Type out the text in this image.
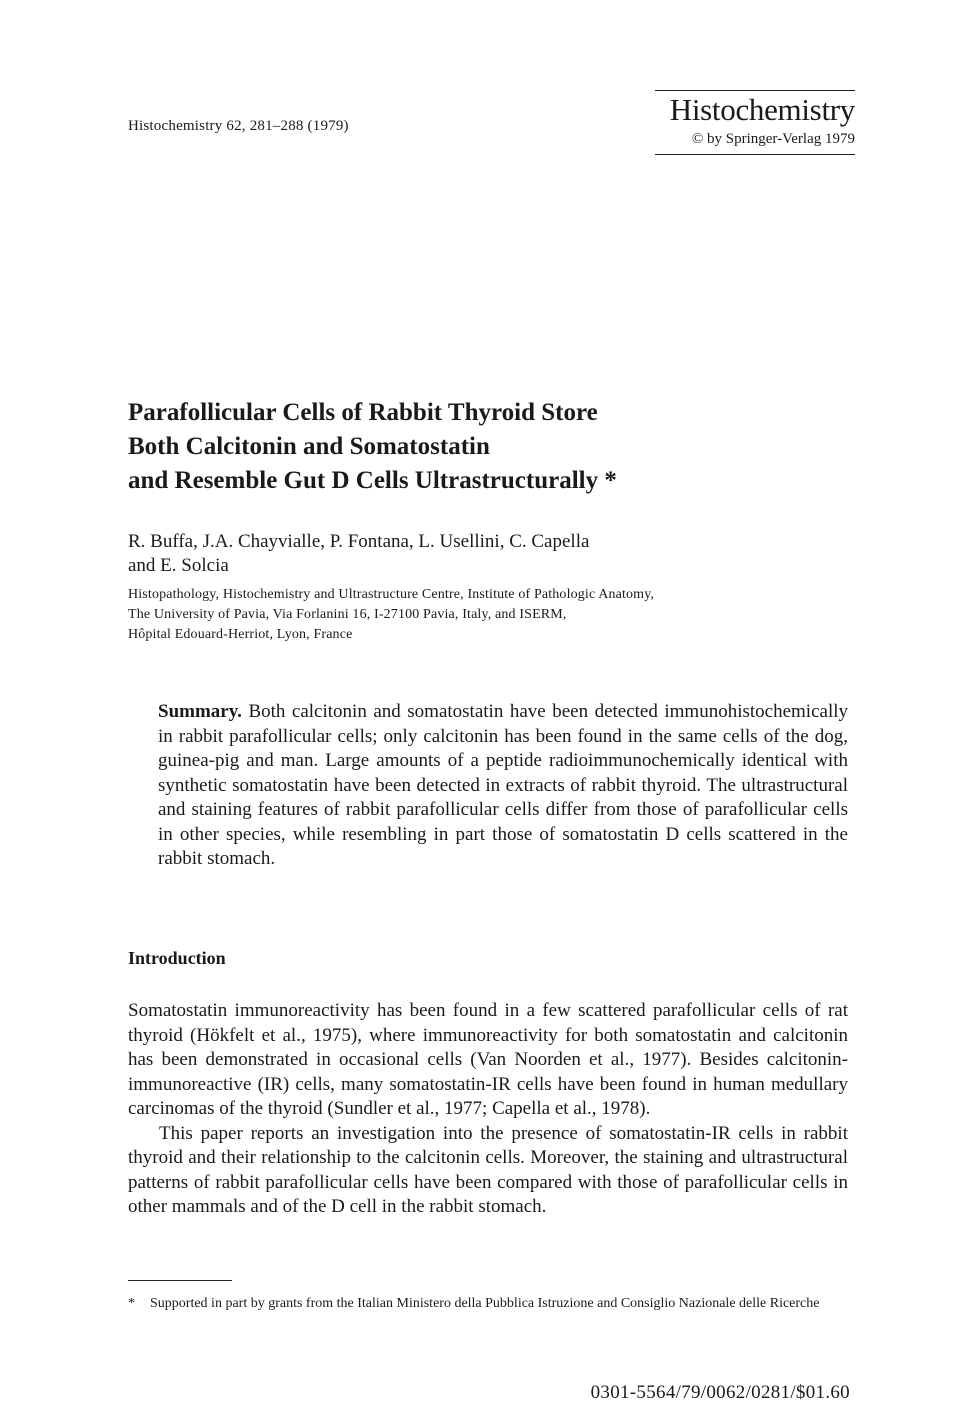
Histochemistry 62, 281–288 (1979)	Histochemistry
© by Springer-Verlag 1979
Parafollicular Cells of Rabbit Thyroid Store
Both Calcitonin and Somatostatin
and Resemble Gut D Cells Ultrastructurally *
R. Buffa, J.A. Chayvialle, P. Fontana, L. Usellini, C. Capella
and E. Solcia
Histopathology, Histochemistry and Ultrastructure Centre, Institute of Pathologic Anatomy,
The University of Pavia, Via Forlanini 16, I-27100 Pavia, Italy, and ISERM,
Hôpital Edouard-Herriot, Lyon, France
Summary. Both calcitonin and somatostatin have been detected immunohistochemically in rabbit parafollicular cells; only calcitonin has been found in the same cells of the dog, guinea-pig and man. Large amounts of a peptide radioimmunochemically identical with synthetic somatostatin have been detected in extracts of rabbit thyroid. The ultrastructural and staining features of rabbit parafollicular cells differ from those of parafollicular cells in other species, while resembling in part those of somatostatin D cells scattered in the rabbit stomach.
Introduction

Somatostatin immunoreactivity has been found in a few scattered parafollicular cells of rat thyroid (Hökfelt et al., 1975), where immunoreactivity for both somatostatin and calcitonin has been demonstrated in occasional cells (Van Noorden et al., 1977). Besides calcitonin-immunoreactive (IR) cells, many somatostatin-IR cells have been found in human medullary carcinomas of the thyroid (Sundler et al., 1977; Capella et al., 1978).

This paper reports an investigation into the presence of somatostatin-IR cells in rabbit thyroid and their relationship to the calcitonin cells. Moreover, the staining and ultrastructural patterns of rabbit parafollicular cells have been compared with those of parafollicular cells in other mammals and of the D cell in the rabbit stomach.

* Supported in part by grants from the Italian Ministero della Pubblica Istruzione and Consiglio Nazionale delle Ricerche
0301-5564/79/0062/0281/$01.60
